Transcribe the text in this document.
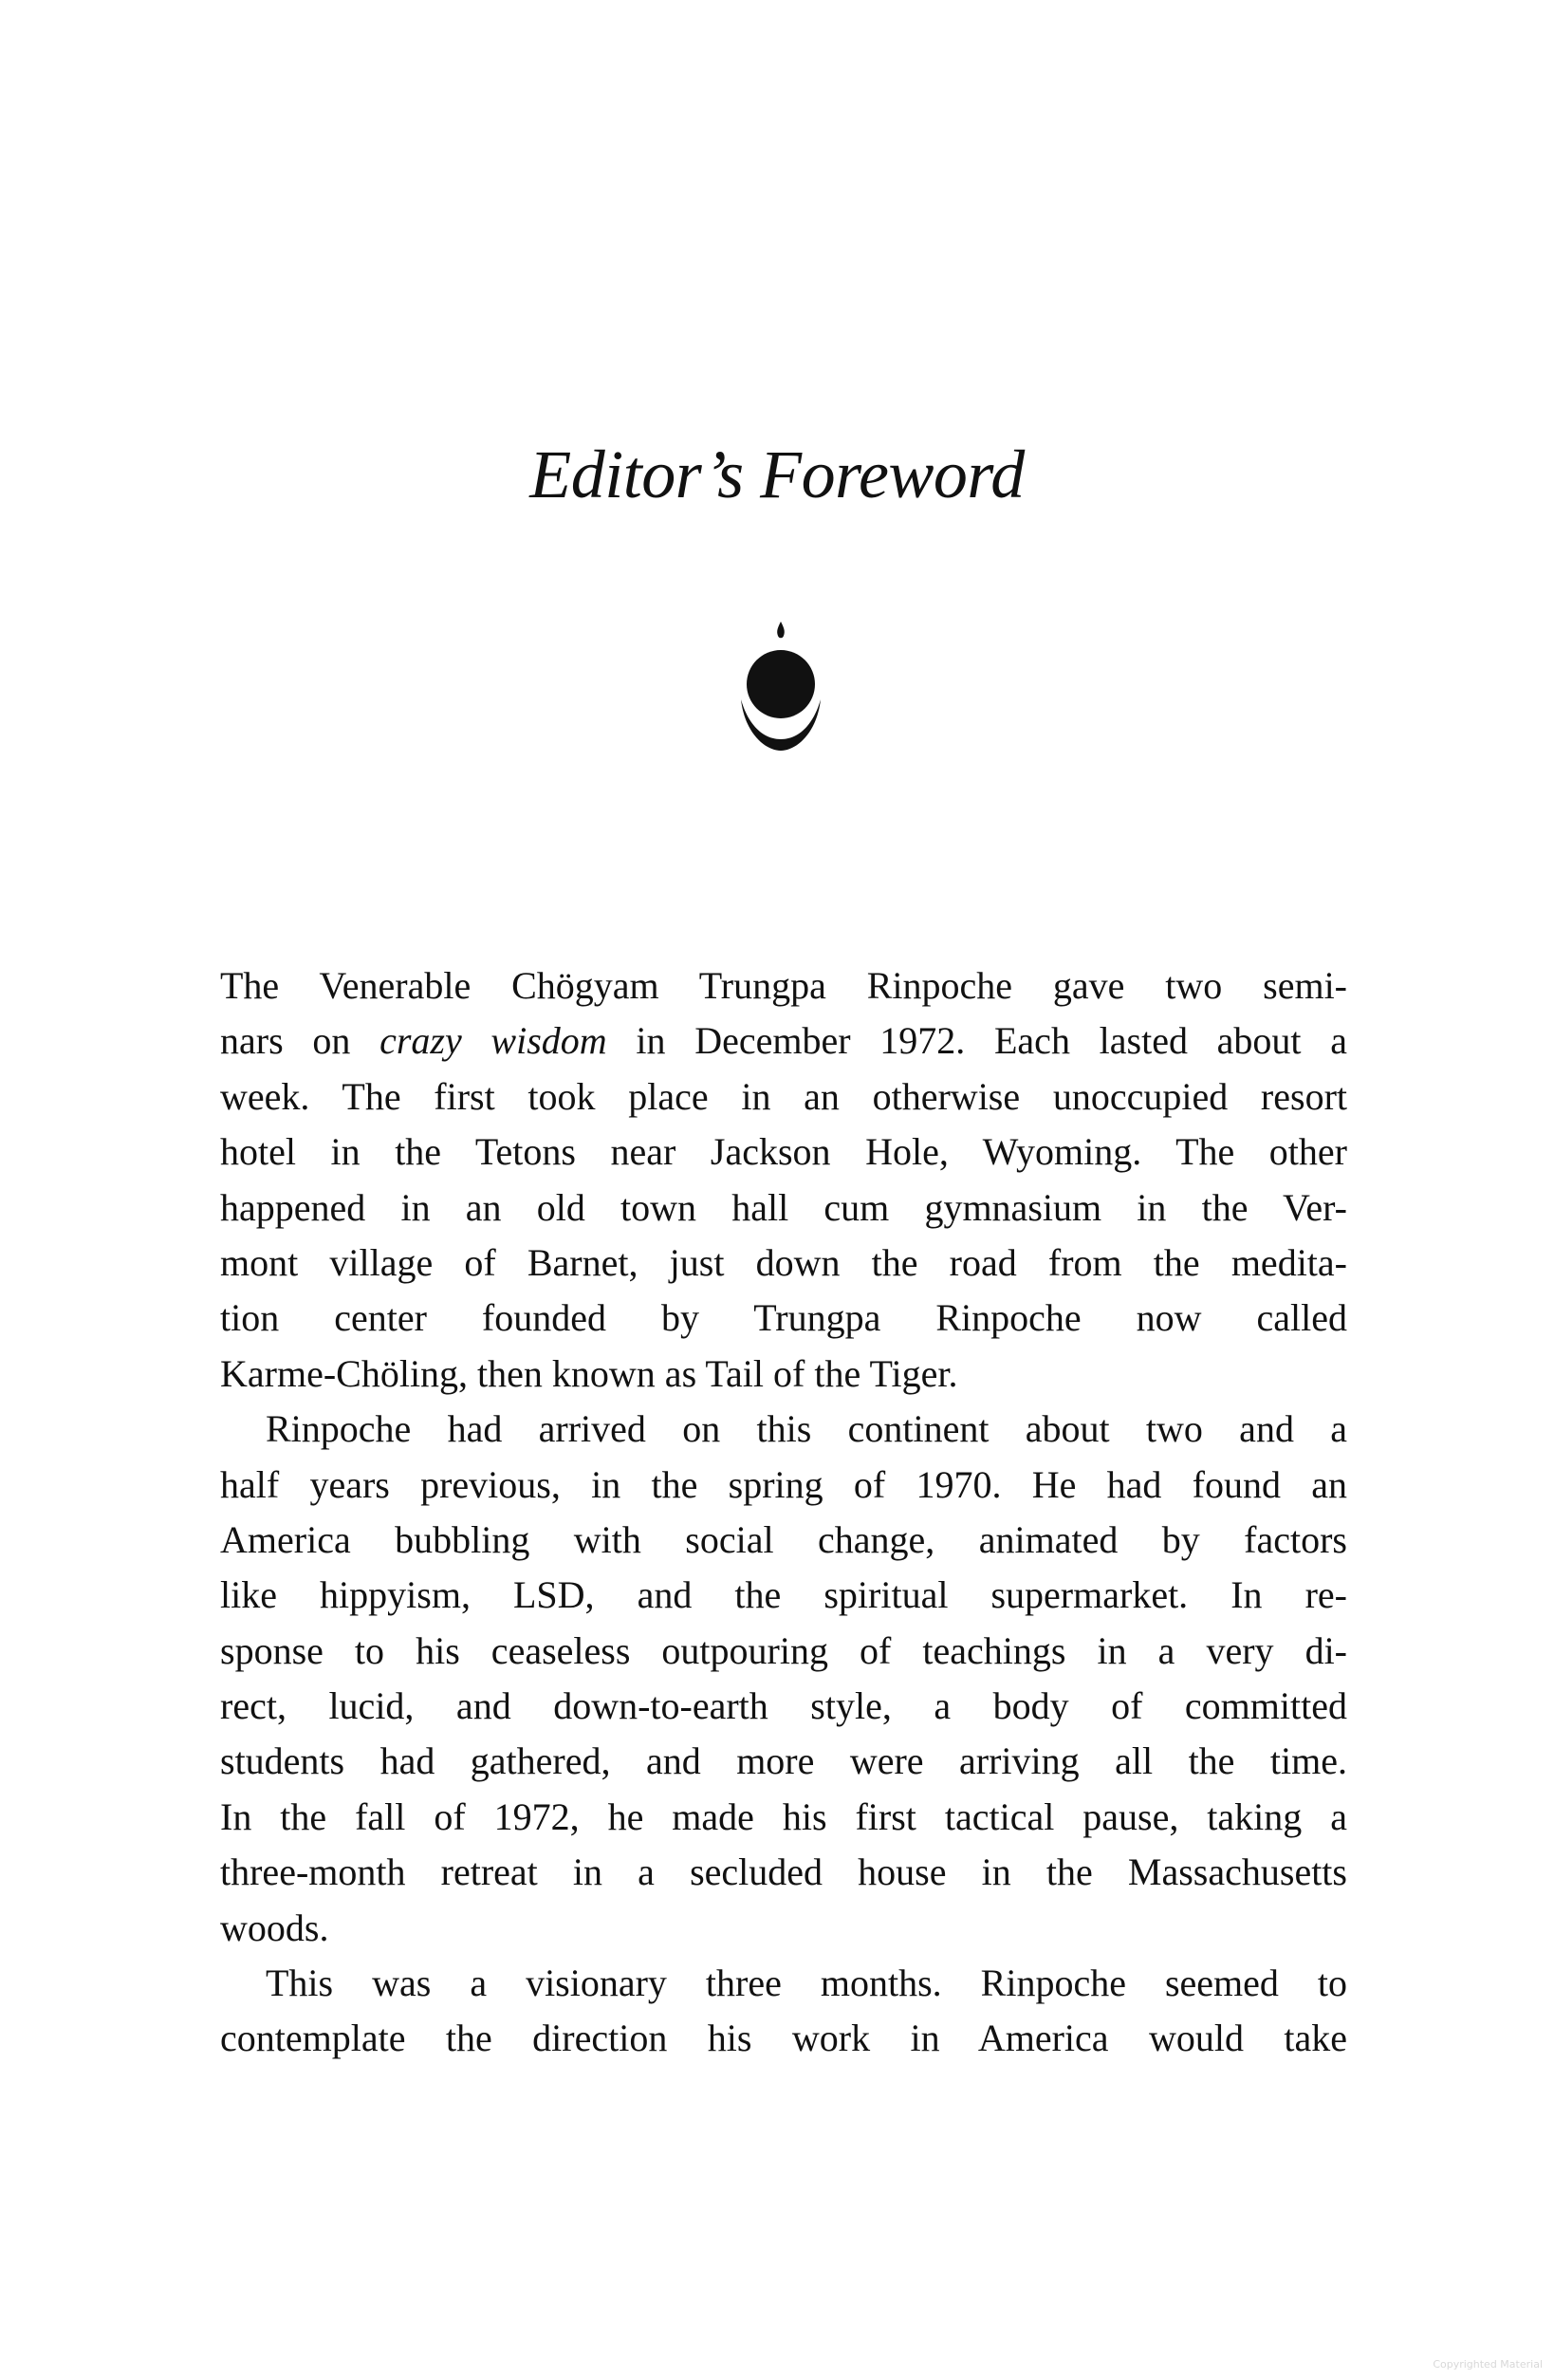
Editor’s Foreword
The Venerable Chögyam Trungpa Rinpoche gave two semi-
nars on crazy wisdom in December 1972. Each lasted about a
week. The first took place in an otherwise unoccupied resort
hotel in the Tetons near Jackson Hole, Wyoming. The other
happened in an old town hall cum gymnasium in the Ver-
mont village of Barnet, just down the road from the medita-
tion center founded by Trungpa Rinpoche now called
Karme-Chöling, then known as Tail of the Tiger.
Rinpoche had arrived on this continent about two and a
half years previous, in the spring of 1970. He had found an
America bubbling with social change, animated by factors
like hippyism, LSD, and the spiritual supermarket. In re-
sponse to his ceaseless outpouring of teachings in a very di-
rect, lucid, and down-to-earth style, a body of committed
students had gathered, and more were arriving all the time.
In the fall of 1972, he made his first tactical pause, taking a
three-month retreat in a secluded house in the Massachusetts
woods.
This was a visionary three months. Rinpoche seemed to
contemplate the direction his work in America would take
Copyrighted Material
